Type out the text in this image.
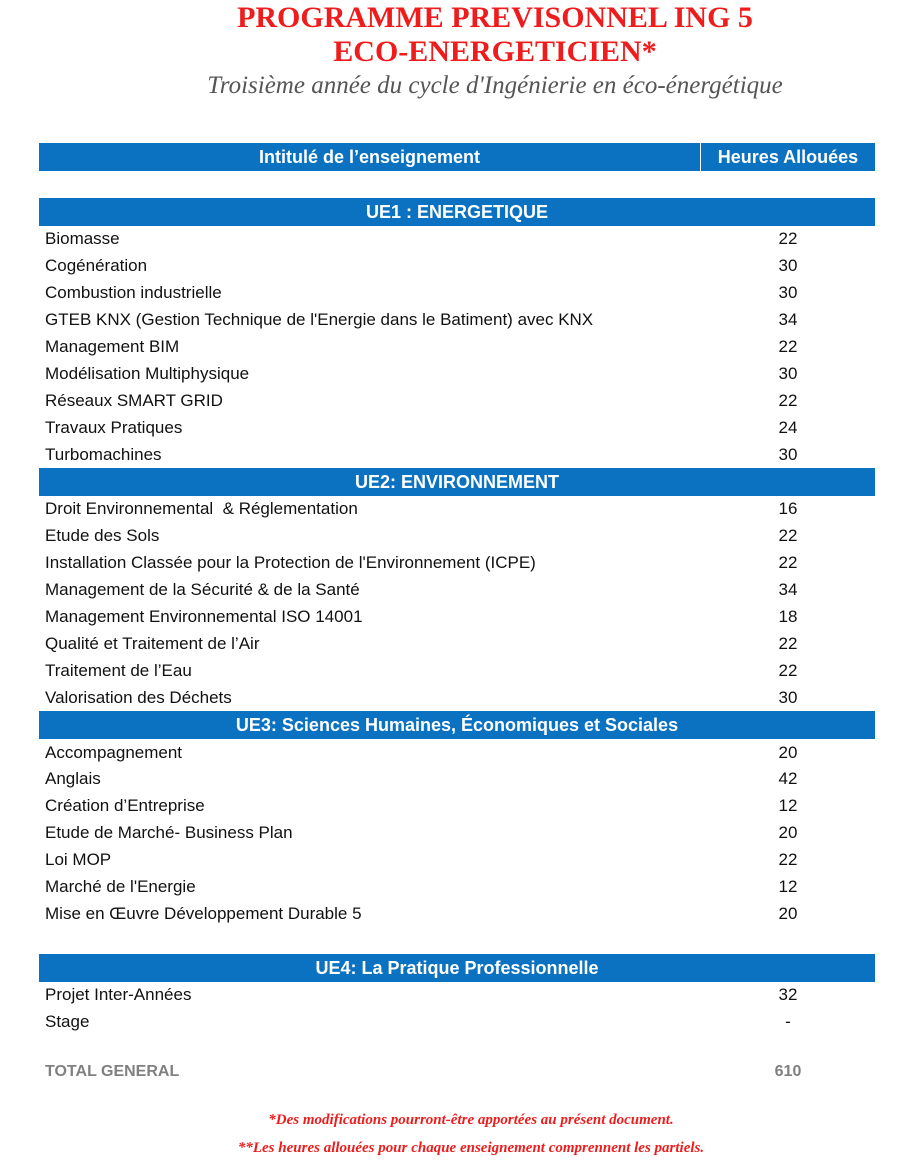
PROGRAMME PREVISONNEL ING 5
ECO-ENERGETICIEN*
Troisième année du cycle d'Ingénierie en éco-énergétique
Intitulé de l’enseignement	Heures Allouées
UE1 : ENERGETIQUE
Biomasse	22
Cogénération	30
Combustion industrielle	30
GTEB KNX (Gestion Technique de l'Energie dans le Batiment) avec KNX	34
Management BIM	22
Modélisation Multiphysique	30
Réseaux SMART GRID	22
Travaux Pratiques	24
Turbomachines	30
UE2: ENVIRONNEMENT
Droit Environnemental  & Réglementation	16
Etude des Sols	22
Installation Classée pour la Protection de l'Environnement (ICPE)	22
Management de la Sécurité & de la Santé	34
Management Environnemental ISO 14001	18
Qualité et Traitement de l’Air	22
Traitement de l’Eau	22
Valorisation des Déchets	30
UE3: Sciences Humaines, Économiques et Sociales
Accompagnement	20
Anglais	42
Création d’Entreprise	12
Etude de Marché- Business Plan	20
Loi MOP	22
Marché de l'Energie	12
Mise en Œuvre Développement Durable 5	20
UE4: La Pratique Professionnelle
Projet Inter-Années	32
Stage	-
TOTAL GENERAL	610
*Des modifications pourront-être apportées au présent document.
**Les heures allouées pour chaque enseignement comprennent les partiels.
